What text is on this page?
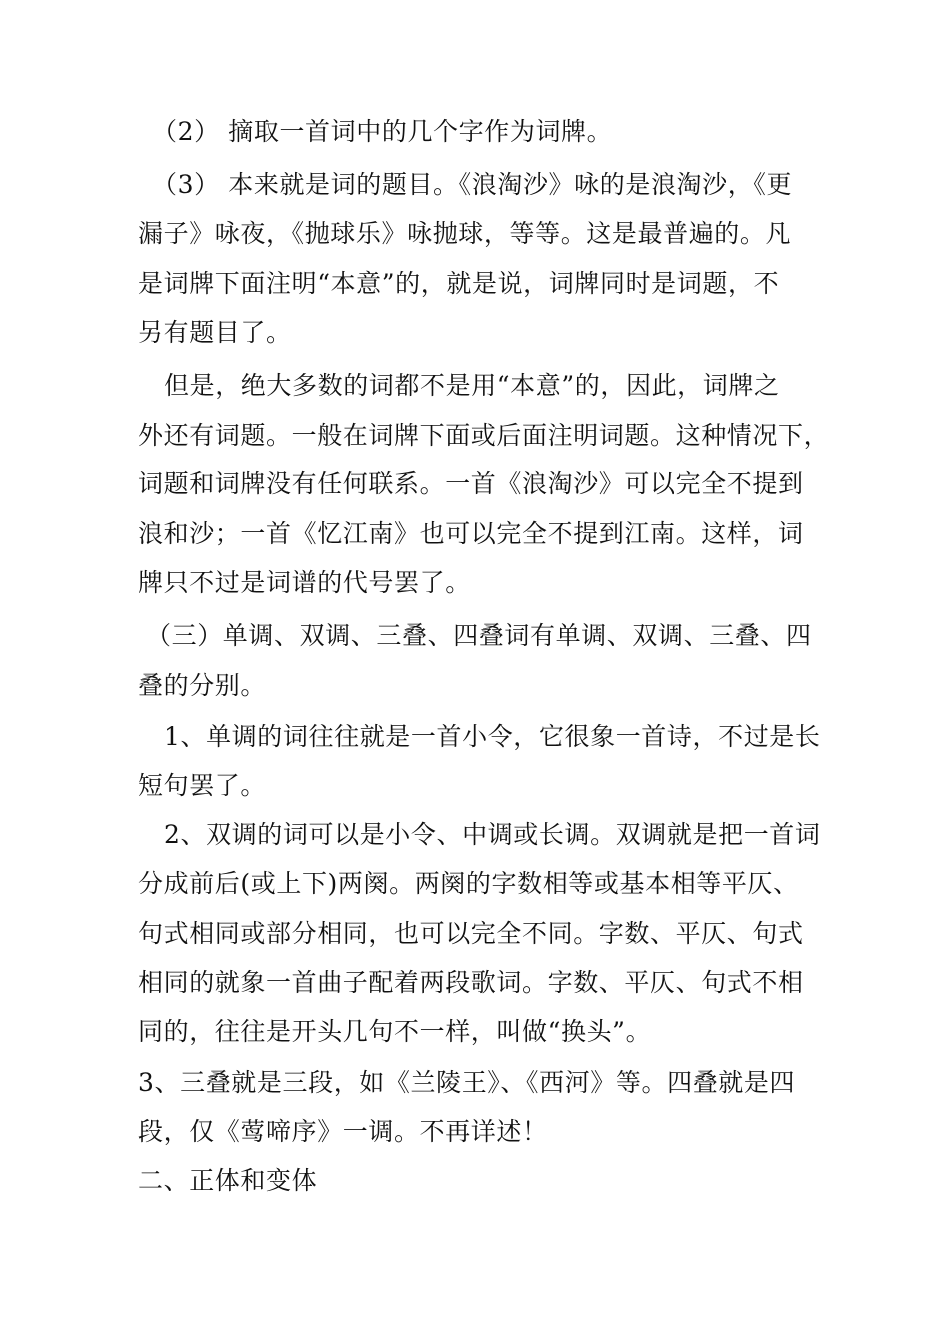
（2） 摘取一首词中的几个字作为词牌。
（3） 本来就是词的题目。《浪淘沙》咏的是浪淘沙，《更
漏子》咏夜，《抛球乐》咏抛球，等等。这是最普遍的。凡
是词牌下面注明“本意”的，就是说，词牌同时是词题，不
另有题目了。
但是，绝大多数的词都不是用“本意”的，因此，词牌之
外还有词题。一般在词牌下面或后面注明词题。这种情况下，
词题和词牌没有任何联系。一首《浪淘沙》可以完全不提到
浪和沙；一首《忆江南》也可以完全不提到江南。这样，词
牌只不过是词谱的代号罢了。
（三）单调、双调、三叠、四叠词有单调、双调、三叠、四
叠的分别。
1、单调的词往往就是一首小令，它很象一首诗，不过是长
短句罢了。
2、双调的词可以是小令、中调或长调。双调就是把一首词
分成前后(或上下)两阕。两阕的字数相等或基本相等平仄、
句式相同或部分相同，也可以完全不同。字数、平仄、句式
相同的就象一首曲子配着两段歌词。字数、平仄、句式不相
同的，往往是开头几句不一样，叫做“换头”。
3、三叠就是三段，如《兰陵王》、《西河》等。四叠就是四
段，仅《莺啼序》一调。不再详述！
二、正体和变体
